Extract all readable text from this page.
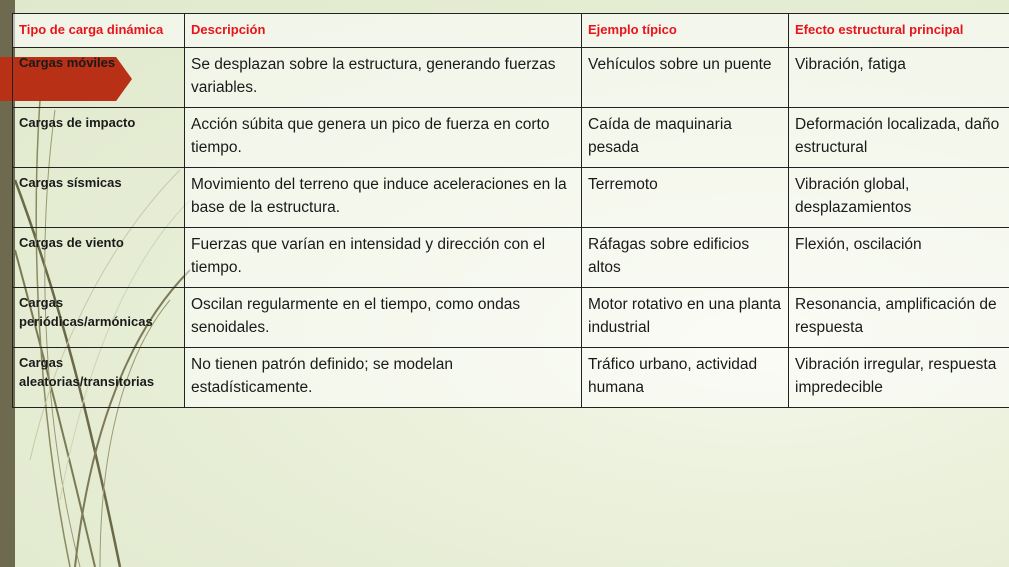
Tipo de carga dinámica	Descripción	Ejemplo típico	Efecto estructural principal
Cargas móviles	Se desplazan sobre la estructura, generando fuerzas variables.	Vehículos sobre un puente	Vibración, fatiga
Cargas de impacto	Acción súbita que genera un pico de fuerza en corto tiempo.	Caída de maquinaria pesada	Deformación localizada, daño estructural
Cargas sísmicas	Movimiento del terreno que induce aceleraciones en la base de la estructura.	Terremoto	Vibración global, desplazamientos
Cargas de viento	Fuerzas que varían en intensidad y dirección con el tiempo.	Ráfagas sobre edificios altos	Flexión, oscilación
Cargas periódicas/armónicas	Oscilan regularmente en el tiempo, como ondas senoidales.	Motor rotativo en una planta industrial	Resonancia, amplificación de respuesta
Cargas aleatorias/transitorias	No tienen patrón definido; se modelan estadísticamente.	Tráfico urbano, actividad humana	Vibración irregular, respuesta impredecible
